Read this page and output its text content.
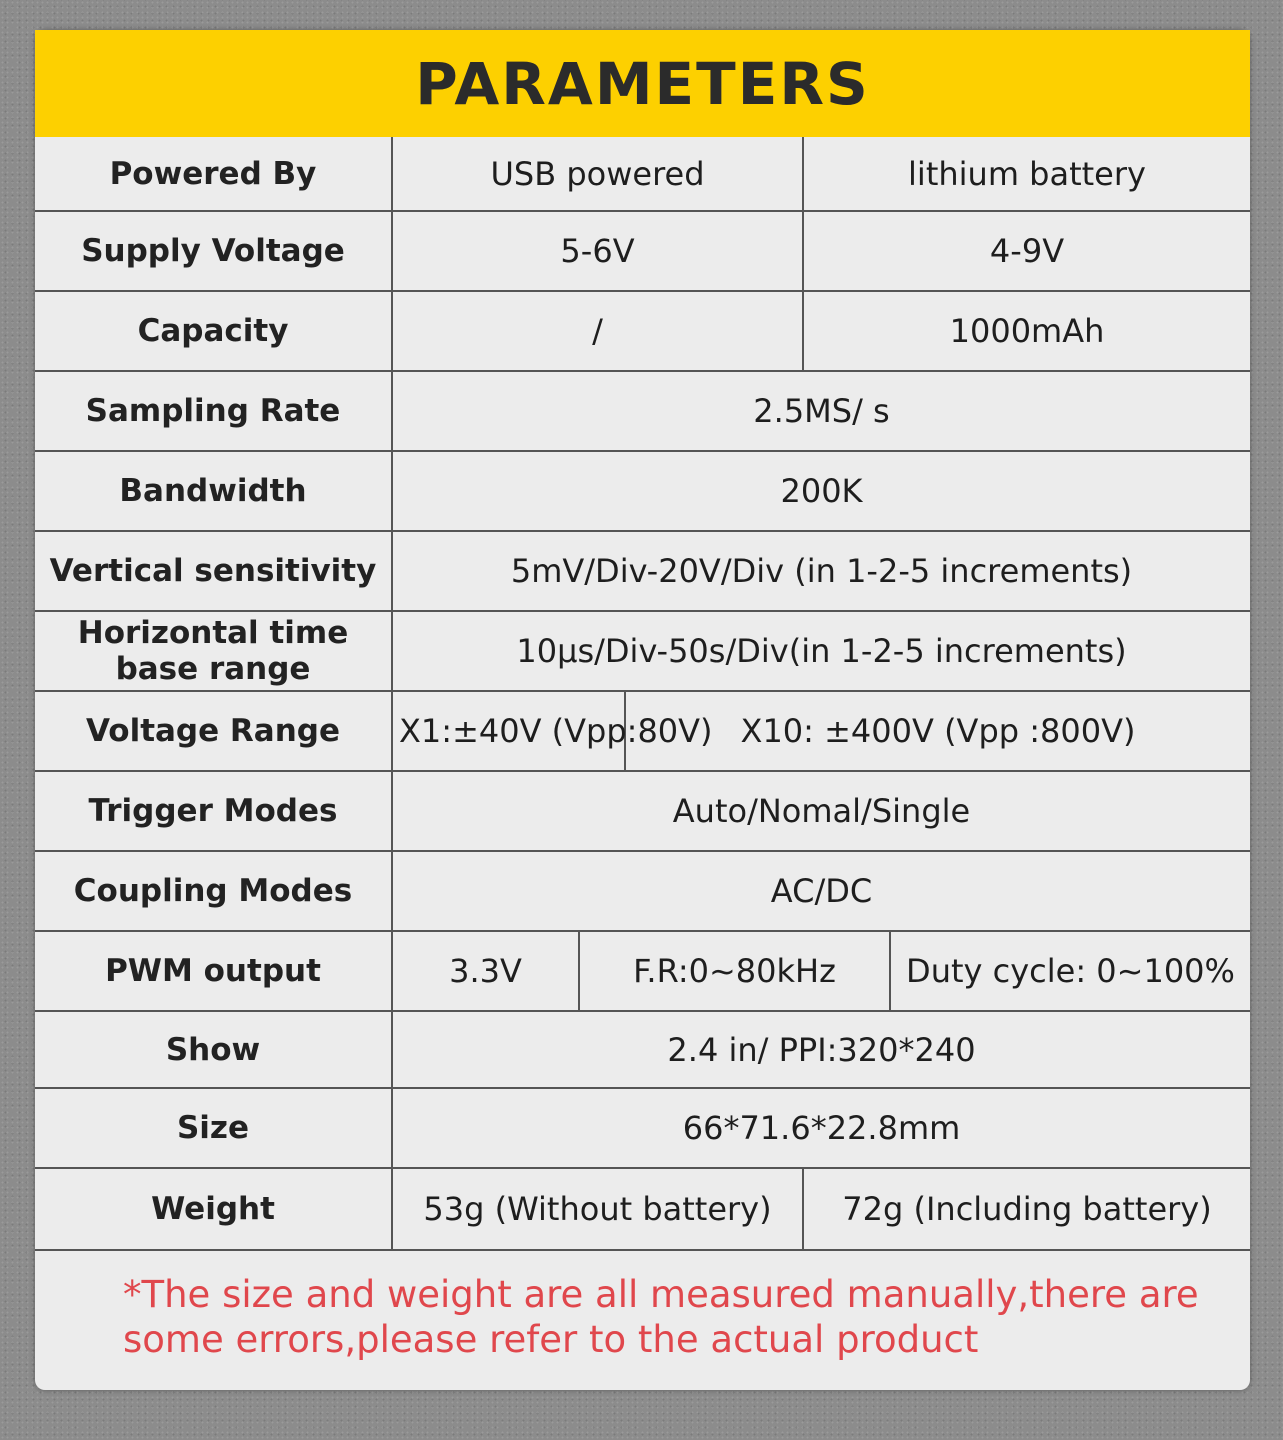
PARAMETERS
Powered By	USB powered			lithium battery	
Supply Voltage	5-6V			4-9V	
Capacity	/			1000mAh	
Sampling Rate	2.5MS/ s				
Bandwidth	200K				
Vertical sensitivity	5mV/Div-20V/Div (in 1-2-5 increments)				
Horizontal time base range	10μs/Div-50s/Div(in 1-2-5 increments)				
Voltage Range	X1:±40V (Vpp:80V)		X10: ±400V (Vpp :800V)		
Trigger Modes	Auto/Nomal/Single				
Coupling Modes	AC/DC				
PWM output	3.3V	F.R:0~80kHz			Duty cycle: 0~100%
Show	2.4 in/ PPI:320*240				
Size	66*71.6*22.8mm				
Weight	53g (Without battery)			72g (Including battery)	
*The size and weight are all measured manually,there are some errors,please refer to the actual product
